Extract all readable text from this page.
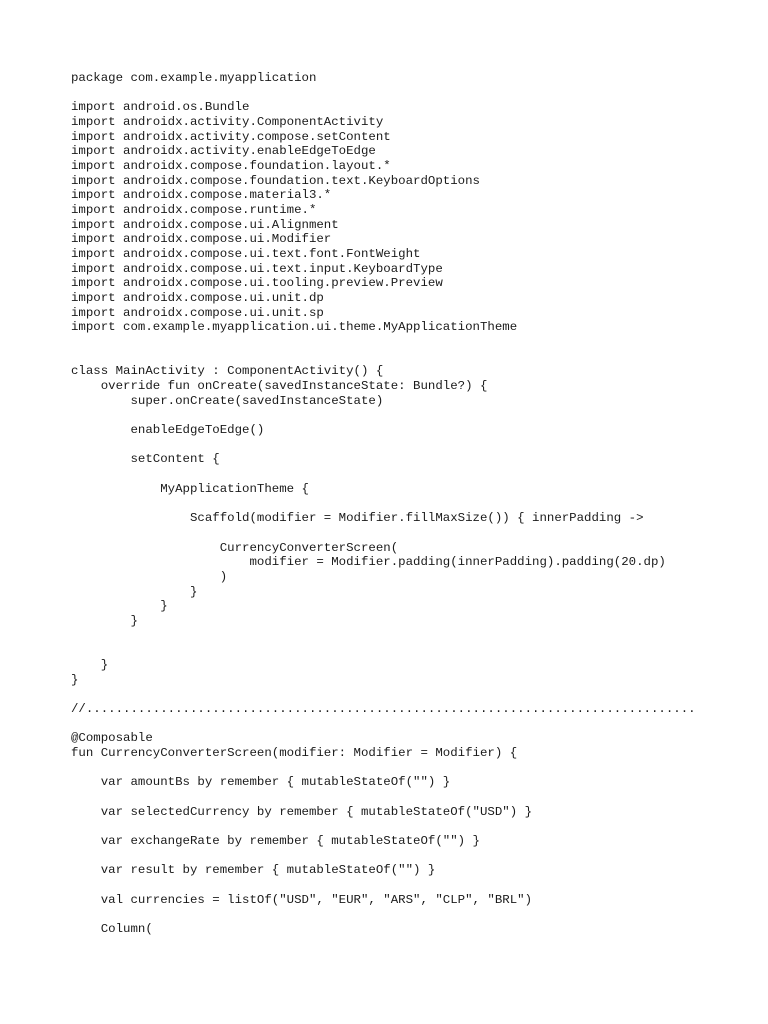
package com.example.myapplication
import android.os.Bundle
import androidx.activity.ComponentActivity
import androidx.activity.compose.setContent
import androidx.activity.enableEdgeToEdge
import androidx.compose.foundation.layout.*
import androidx.compose.foundation.text.KeyboardOptions
import androidx.compose.material3.*
import androidx.compose.runtime.*
import androidx.compose.ui.Alignment
import androidx.compose.ui.Modifier
import androidx.compose.ui.text.font.FontWeight
import androidx.compose.ui.text.input.KeyboardType
import androidx.compose.ui.tooling.preview.Preview
import androidx.compose.ui.unit.dp
import androidx.compose.ui.unit.sp
import com.example.myapplication.ui.theme.MyApplicationTheme
class MainActivity : ComponentActivity() {
override fun onCreate(savedInstanceState: Bundle?) {
super.onCreate(savedInstanceState)
enableEdgeToEdge()
setContent {
MyApplicationTheme {
Scaffold(modifier = Modifier.fillMaxSize()) { innerPadding ->
CurrencyConverterScreen(
modifier = Modifier.padding(innerPadding).padding(20.dp)
)
}
}
}
}
}
//..................................................................................
@Composable
fun CurrencyConverterScreen(modifier: Modifier = Modifier) {
var amountBs by remember { mutableStateOf("") }
var selectedCurrency by remember { mutableStateOf("USD") }
var exchangeRate by remember { mutableStateOf("") }
var result by remember { mutableStateOf("") }
val currencies = listOf("USD", "EUR", "ARS", "CLP", "BRL")
Column(
